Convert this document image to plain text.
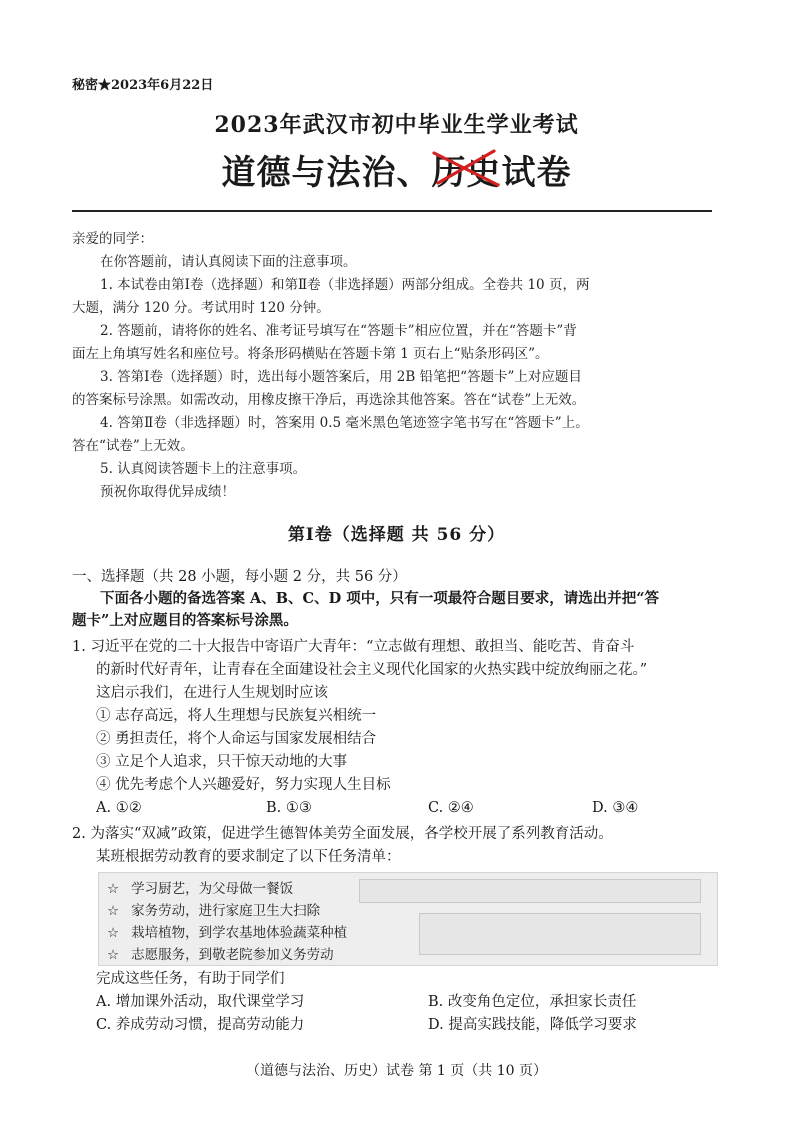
秘密★2023年6月22日
2023年武汉市初中毕业生学业考试
道德与法治、历史
试卷
亲爱的同学：
在你答题前，请认真阅读下面的注意事项。
1. 本试卷由第Ⅰ卷（选择题）和第Ⅱ卷（非选择题）两部分组成。全卷共 10 页，两
大题，满分 120 分。考试用时 120 分钟。
2. 答题前，请将你的姓名、准考证号填写在“答题卡”相应位置，并在“答题卡”背
面左上角填写姓名和座位号。将条形码横贴在答题卡第 1 页右上“贴条形码区”。
3. 答第Ⅰ卷（选择题）时，选出每小题答案后，用 2B 铅笔把“答题卡”上对应题目
的答案标号涂黑。如需改动，用橡皮擦干净后，再选涂其他答案。答在“试卷”上无效。
4. 答第Ⅱ卷（非选择题）时，答案用 0.5 毫米黑色笔迹签字笔书写在“答题卡”上。
答在“试卷”上无效。
5. 认真阅读答题卡上的注意事项。
预祝你取得优异成绩！
第Ⅰ卷（选择题 共 56 分）
一、选择题（共 28 小题，每小题 2 分，共 56 分）
下面各小题的备选答案 A、B、C、D 项中，只有一项最符合题目要求，请选出并把“答
题卡”上对应题目的答案标号涂黑。
1. 习近平在党的二十大报告中寄语广大青年：“立志做有理想、敢担当、能吃苦、肯奋斗
的新时代好青年，让青春在全面建设社会主义现代化国家的火热实践中绽放绚丽之花。”
这启示我们，在进行人生规划时应该
① 志存高远，将人生理想与民族复兴相统一
② 勇担责任，将个人命运与国家发展相结合
③ 立足个人追求，只干惊天动地的大事
④ 优先考虑个人兴趣爱好，努力实现人生目标
A. ①②	B. ①③	C. ②④	D. ③④
2. 为落实“双减”政策，促进学生德智体美劳全面发展，各学校开展了系列教育活动。
某班根据劳动教育的要求制定了以下任务清单：
☆ 学习厨艺，为父母做一餐饭
☆ 家务劳动，进行家庭卫生大扫除
☆ 栽培植物，到学农基地体验蔬菜种植
☆ 志愿服务，到敬老院参加义务劳动
完成这些任务，有助于同学们
A. 增加课外活动，取代课堂学习	B. 改变角色定位，承担家长责任
C. 养成劳动习惯，提高劳动能力	D. 提高实践技能，降低学习要求
（道德与法治、历史）试卷 第 1 页（共 10 页）
